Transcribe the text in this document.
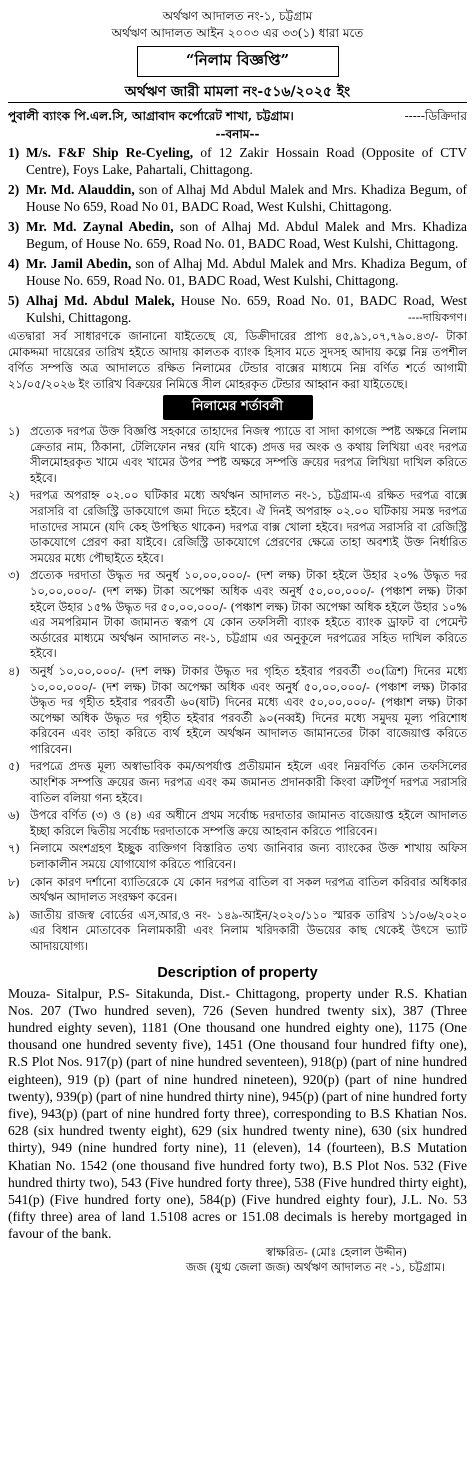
অর্থঋণ আদালত নং-১, চট্টগ্রাম
অর্থঋণ আদালত আইন ২০০৩ এর ৩৩(১) ধারা মতে
“নিলাম বিজ্ঞপ্তি”
অর্থঋণ জারী মামলা নং-৫১৬/২০২৫ ইং
পুবালী ব্যাংক পি.এল.সি, আগ্রাবাদ কর্পোরেট শাখা, চট্টগ্রাম।	-----ডিক্রিদার
--বনাম--
1) M/s. F&F Ship Re-Cyeling, of 12 Zakir Hossain Road (Opposite of CTV Centre), Foys Lake, Pahartali, Chittagong.
2) Mr. Md. Alauddin, son of Alhaj Md Abdul Malek and Mrs. Khadiza Begum, of House No 659, Road No 01, BADC Road, West Kulshi, Chittagong.
3) Mr. Md. Zaynal Abedin, son of Alhaj Md. Abdul Malek and Mrs. Khadiza Begum, of House No. 659, Road No. 01, BADC Road, West Kulshi, Chittagong.
4) Mr. Jamil Abedin, son of Alhaj Md. Abdul Malek and Mrs. Khadiza Begum, of House No. 659, Road No. 01, BADC Road, West Kulshi, Chittagong.
5) Alhaj Md. Abdul Malek, House No. 659, Road No. 01, BADC Road, West Kulshi, Chittagong.	----দায়িকগণ।
এতদ্বারা সর্ব সাধারণকে জানানো যাইতেছে যে, ডিক্রীদারের প্রাপ্য ৪৫,৯১,০৭,৭৯০.৪৩/- টাকা মোকদ্দমা দায়েরের তারিখ হইতে আদায় কালতক ব্যাংক হিসাব মতে সুদসহ আদায় কল্পে নিম্ন তপশীল বর্ণিত সম্পত্তি অত্র আদালতে রক্ষিত নিলামের টেন্ডার বাক্সের মাধ্যমে নিম্ন বর্ণিত শর্তে আগামী ২১/০৫/২০২৬ ইং তারিখ বিক্রয়ের নিমিত্তে সীল মোহরকৃত টেন্ডার আহ্বান করা যাইতেছে।
নিলামের শর্তাবলী
১) প্রত্যেক দরপত্র উক্ত বিজ্ঞপ্তি সহকারে তাহাদের নিজস্ব প্যাডে বা সাদা কাগজে স্পষ্ট অক্ষরে নিলাম ক্রেতার নাম, ঠিকানা, টেলিফোন নম্বর (যদি থাকে) প্রদত্ত দর অংক ও কথায় লিখিয়া এবং দরপত্র সীলমোহরকৃত খামে এবং খামের উপর স্পষ্ট অক্ষরে সম্পত্তি ক্রয়ের দরপত্র লিখিয়া দাখিল করিতে হইবে।
২) দরপত্র অপরাহ্ন ০২.০০ ঘটিকার মধ্যে অর্থঋন আদালত নং-১, চট্টগ্রাম-এ রক্ষিত দরপত্র বাক্সে সরাসরি বা রেজিস্ট্রি ডাকযোগে জমা দিতে হইবে। ঐ দিনই অপরাহ্ন ০২.০০ ঘটিকায় সমস্ত দরপত্র দাতাদের সামনে (যদি কেহ উপস্থিত থাকেন) দরপত্র বাক্স খোলা হইবে। দরপত্র সরাসরি বা রেজিস্ট্রি ডাকযোগে প্রেরণ করা যাইবে। রেজিস্ট্রি ডাকযোগে প্রেরণের ক্ষেত্রে তাহা অবশ্যই উক্ত নির্ধারিত সময়ের মধ্যে পৌছাইতে হইবে।
৩) প্রত্যেক দরদাতা উদ্ধৃত দর অনুর্ধ ১০,০০,০০০/- (দশ লক্ষ) টাকা হইলে উহার ২০% উদ্ধৃত দর ১০,০০,০০০/- (দশ লক্ষ) টাকা অপেক্ষা অধিক এবং অনুর্ধ ৫০,০০,০০০/- (পঞ্চাশ লক্ষ) টাকা হইলে উহার ১৫% উদ্ধৃত দর ৫০,০০,০০০/- (পঞ্চাশ লক্ষ) টাকা অপেক্ষা অধিক হইলে উহার ১০% এর সমপরিমান টাকা জামানত স্বরূপ যে কোন তফসিলী ব্যাংক হইতে ব্যাংক ড্রাফট বা পেমেন্ট অর্ডারের মাধ্যমে অর্থঋন আদালত নং-১, চট্টগ্রাম এর অনুকূলে দরপত্রের সহিত দাখিল করিতে হইবে।
৪) অনুর্ধ ১০,০০,০০০/- (দশ লক্ষ) টাকার উদ্ধৃত দর গৃহিত হইবার পরবর্তী ৩০(ত্রিশ) দিনের মধ্যে ১০,০০,০০০/- (দশ লক্ষ) টাকা অপেক্ষা অধিক এবং অনুর্ধ ৫০,০০,০০০/- (পঞ্চাশ লক্ষ) টাকার উদ্ধৃত দর গৃহীত হইবার পরবর্তী ৬০(ষাট) দিনের মধ্যে এবং ৫০,০০,০০০/- (পঞ্চাশ লক্ষ) টাকা অপেক্ষা অধিক উদ্ধৃত দর গৃহীত হইবার পরবর্তী ৯০(নব্বই) দিনের মধ্যে সমুদয় মূল্য পরিশোধ করিবেন এবং তাহা করিতে ব্যর্থ হইলে অর্থঋন আদালত জামানতের টাকা বাজেয়াপ্ত করিতে পারিবেন।
৫) দরপত্রে প্রদত্ত মূল্য অস্বাভাবিক কম/অপর্যাপ্ত প্রতীয়মান হইলে এবং নিম্নবর্ণিত কোন তফসিলের আংশিক সম্পত্তি ক্রয়ের জন্য দরপত্র এবং কম জমানত প্রদানকারী কিংবা ত্রুটিপূর্ণ দরপত্র সরাসরি বাতিল বলিয়া গন্য হইবে।
৬) উপরে বর্ণিত (৩) ও (৪) এর অধীনে প্রথম সর্বোচ্চ দরদাতার জামানত বাজেয়াপ্ত হইলে আদালত ইচ্ছা করিলে দ্বিতীয় সর্বোচ্চ দরদাতাকে সম্পত্তি ক্রয়ে আহবান করিতে পারিবেন।
৭) নিলামে অংশগ্রহণ ইচ্ছুক ব্যক্তিগণ বিস্তারিত তথ্য জানিবার জন্য ব্যাংকের উক্ত শাখায় অফিস চলাকালীন সময়ে যোগাযোগ করিতে পারিবেন।
৮) কোন কারণ দর্শানো ব্যাতিরেকে যে কোন দরপত্র বাতিল বা সকল দরপত্র বাতিল করিবার অধিকার অর্থঋন আদালত সংরক্ষণ করেন।
৯) জাতীয় রাজস্ব বোর্ডের এস,আর,ও নং- ১৪৯-আইন/২০২০/১১০ স্মারক তারিখ ১১/০৬/২০২০ এর বিধান মোতাবেক নিলামকারী এবং নিলাম খরিদকারী উভয়ের কাছ থেকেই উৎসে ভ্যাট আদায়যোগ্য।
Description of property
Mouza- Sitalpur, P.S- Sitakunda, Dist.- Chittagong, property under R.S. Khatian Nos. 207 (Two hundred seven), 726 (Seven hundred twenty six), 387 (Three hundred eighty seven), 1181 (One thousand one hundred eighty one), 1175 (One thousand one hundred seventy five), 1451 (One thousand four hundred fifty one), R.S Plot Nos. 917(p) (part of nine hundred seventeen), 918(p) (part of nine hundred eighteen), 919 (p) (part of nine hundred nineteen), 920(p) (part of nine hundred twenty), 939(p) (part of nine hundred thirty nine), 945(p) (part of nine hundred forty five), 943(p) (part of nine hundred forty three), corresponding to B.S Khatian Nos. 628 (six hundred twenty eight), 629 (six hundred twenty nine), 630 (six hundred thirty), 949 (nine hundred forty nine), 11 (eleven), 14 (fourteen), B.S Mutation Khatian No. 1542 (one thousand five hundred forty two), B.S Plot Nos. 532 (Five hundred thirty two), 543 (Five hundred forty three), 538 (Five hundred thirty eight), 541(p) (Five hundred forty one), 584(p) (Five hundred eighty four), J.L. No. 53 (fifty three) area of land 1.5108 acres or 151.08 decimals is hereby mortgaged in favour of the bank.
স্বাক্ষরিত- (মোঃ হেলাল উদ্দীন)
জজ (যুগ্ম জেলা জজ) অর্থঋণ আদালত নং -১, চট্টগ্রাম।
